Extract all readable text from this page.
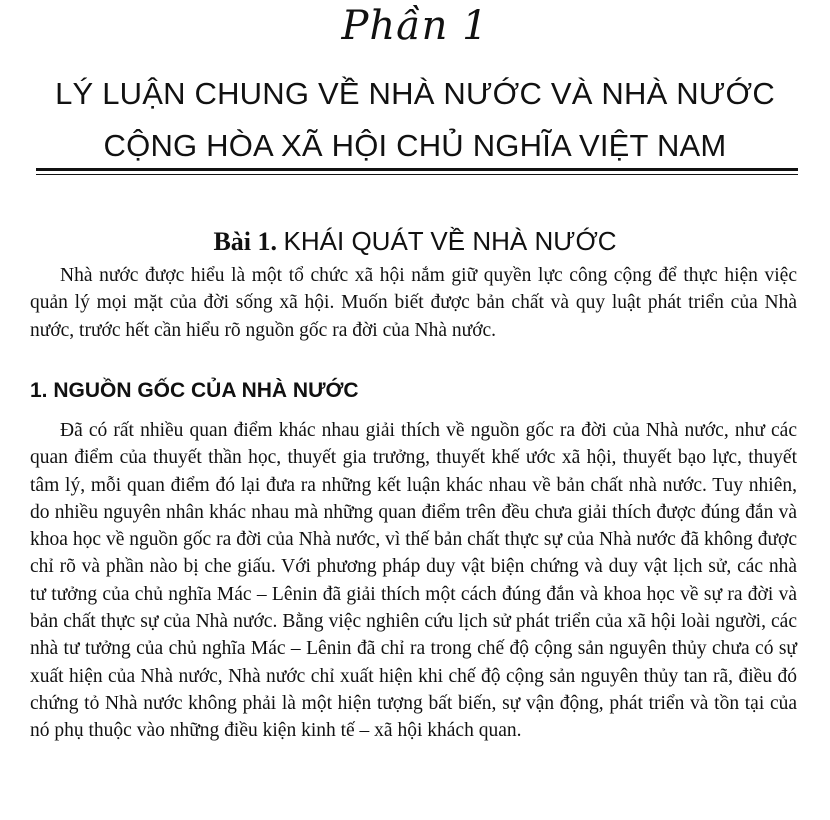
Phần 1
LÝ LUẬN CHUNG VỀ NHÀ NƯỚC VÀ NHÀ NƯỚC
CỘNG HÒA XÃ HỘI CHỦ NGHĨA VIỆT NAM
Bài 1. KHÁI QUÁT VỀ NHÀ NƯỚC

Nhà nước được hiểu là một tổ chức xã hội nắm giữ quyền lực công cộng để thực hiện việc quản lý mọi mặt của đời sống xã hội. Muốn biết được bản chất và quy luật phát triển của Nhà nước, trước hết cần hiểu rõ nguồn gốc ra đời của Nhà nước.

1. NGUỒN GỐC CỦA NHÀ NƯỚC

Đã có rất nhiều quan điểm khác nhau giải thích về nguồn gốc ra đời của Nhà nước, như các quan điểm của thuyết thần học, thuyết gia trưởng, thuyết khế ước xã hội, thuyết bạo lực, thuyết tâm lý, mỗi quan điểm đó lại đưa ra những kết luận khác nhau về bản chất nhà nước. Tuy nhiên, do nhiều nguyên nhân khác nhau mà những quan điểm trên đều chưa giải thích được đúng đắn và khoa học về nguồn gốc ra đời của Nhà nước, vì thế bản chất thực sự của Nhà nước đã không được chỉ rõ và phần nào bị che giấu. Với phương pháp duy vật biện chứng và duy vật lịch sử, các nhà tư tưởng của chủ nghĩa Mác – Lênin đã giải thích một cách đúng đắn và khoa học về sự ra đời và bản chất thực sự của Nhà nước. Bằng việc nghiên cứu lịch sử phát triển của xã hội loài người, các nhà tư tưởng của chủ nghĩa Mác – Lênin đã chỉ ra trong chế độ cộng sản nguyên thủy chưa có sự xuất hiện của Nhà nước, Nhà nước chỉ xuất hiện khi chế độ cộng sản nguyên thủy tan rã, điều đó chứng tỏ Nhà nước không phải là một hiện tượng bất biến, sự vận động, phát triển và tồn tại của nó phụ thuộc vào những điều kiện kinh tế – xã hội khách quan.
